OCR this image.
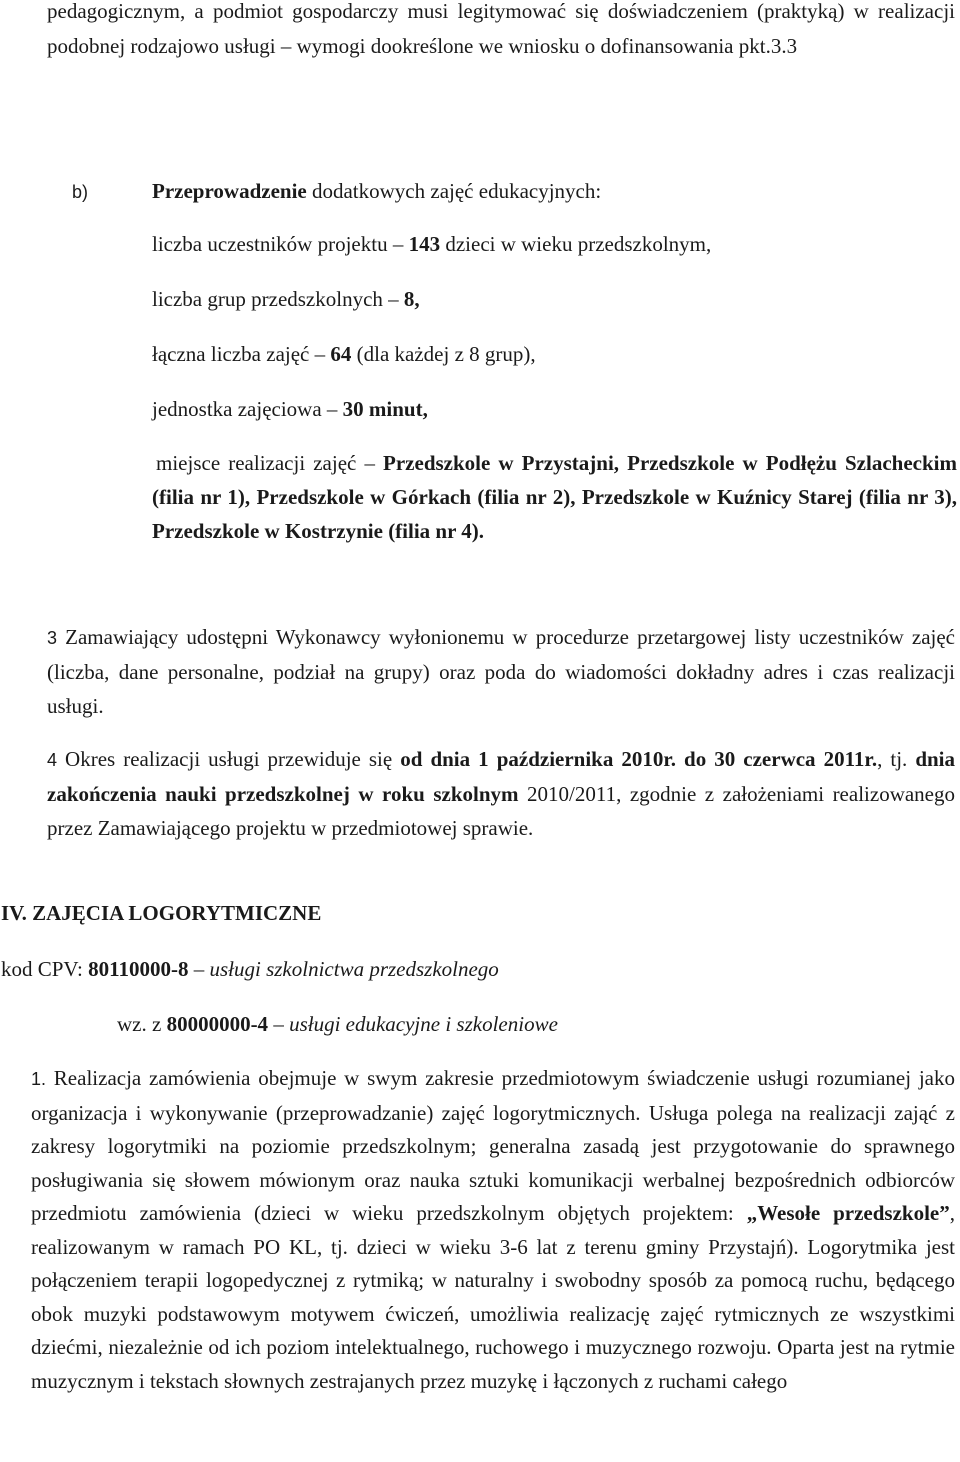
pedagogicznym, a podmiot gospodarczy musi legitymować się doświadczeniem (praktyką) w realizacji podobnej rodzajowo usługi – wymogi dookreślone we wniosku o dofinansowania pkt.3.3
b)	Przeprowadzenie dodatkowych zajęć edukacyjnych:
liczba uczestników projektu – 143 dzieci w wieku przedszkolnym,
liczba grup przedszkolnych – 8,
łączna liczba zajęć – 64 (dla każdej z 8 grup),
jednostka zajęciowa – 30 minut,
miejsce realizacji zajęć – Przedszkole w Przystajni, Przedszkole w Podłężu Szlacheckim (filia nr 1), Przedszkole w Górkach (filia nr 2), Przedszkole w Kuźnicy Starej (filia nr 3), Przedszkole w Kostrzynie (filia nr 4).
3 Zamawiający udostępni Wykonawcy wyłonionemu w procedurze przetargowej listy uczestników zajęć (liczba, dane personalne, podział na grupy) oraz poda do wiadomości dokładny adres i czas realizacji usługi.
4 Okres realizacji usługi przewiduje się od dnia 1 października 2010r. do 30 czerwca 2011r., tj. dnia zakończenia nauki przedszkolnej w roku szkolnym 2010/2011, zgodnie z założeniami realizowanego przez Zamawiającego projektu w przedmiotowej sprawie.
IV. ZAJĘCIA LOGORYTMICZNE
kod CPV: 80110000-8 – usługi szkolnictwa przedszkolnego
wz. z 80000000-4 – usługi edukacyjne i szkoleniowe
1. Realizacja zamówienia obejmuje w swym zakresie przedmiotowym świadczenie usługi rozumianej jako organizacja i wykonywanie (przeprowadzanie) zajęć logorytmicznych. Usługa polega na realizacji zająć z zakresy logorytmiki na poziomie przedszkolnym; generalna zasadą jest przygotowanie do sprawnego posługiwania się słowem mówionym oraz nauka sztuki komunikacji werbalnej bezpośrednich odbiorców przedmiotu zamówienia (dzieci w wieku przedszkolnym objętych projektem: „Wesołe przedszkole”, realizowanym w ramach PO KL, tj. dzieci w wieku 3-6 lat z terenu gminy Przystajń). Logorytmika jest połączeniem terapii logopedycznej z rytmiką; w naturalny i swobodny sposób za pomocą ruchu, będącego obok muzyki podstawowym motywem ćwiczeń, umożliwia realizację zajęć rytmicznych ze wszystkimi dziećmi, niezależnie od ich poziom intelektualnego, ruchowego i muzycznego rozwoju. Oparta jest na rytmie muzycznym i tekstach słownych zestrajanych przez muzykę i łączonych z ruchami całego
